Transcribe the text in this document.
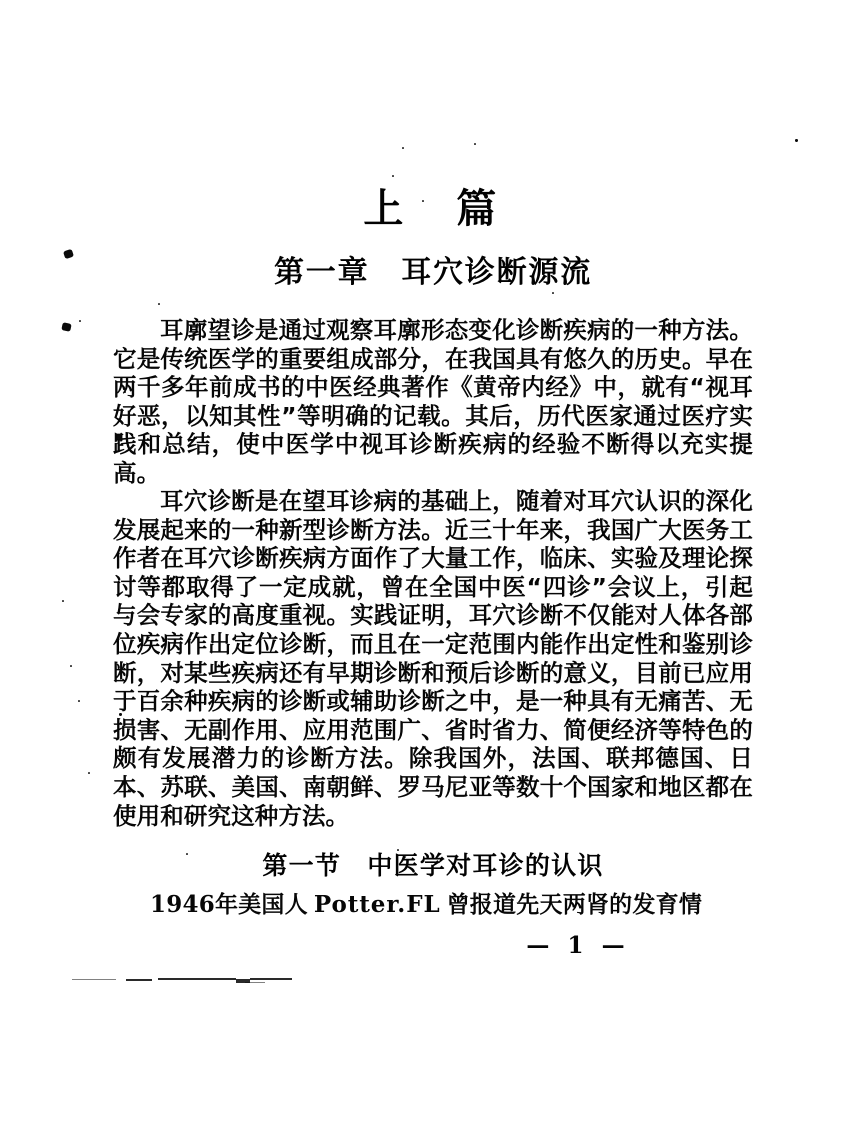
上　篇
第一章　耳穴诊断源流

耳廓望诊是通过观察耳廓形态变化诊断疾病的一种方法。它是传统医学的重要组成部分，在我国具有悠久的历史。早在两千多年前成书的中医经典著作《黄帝内经》中，就有“视耳好恶，以知其性”等明确的记载。其后，历代医家通过医疗实践和总结，使中医学中视耳诊断疾病的经验不断得以充实提高。

耳穴诊断是在望耳诊病的基础上，随着对耳穴认识的深化发展起来的一种新型诊断方法。近三十年来，我国广大医务工作者在耳穴诊断疾病方面作了大量工作，临床、实验及理论探讨等都取得了一定成就，曾在全国中医“四诊”会议上，引起与会专家的高度重视。实践证明，耳穴诊断不仅能对人体各部位疾病作出定位诊断，而且在一定范围内能作出定性和鉴别诊断，对某些疾病还有早期诊断和预后诊断的意义，目前已应用于百余种疾病的诊断或辅助诊断之中，是一种具有无痛苦、无损害、无副作用、应用范围广、省时省力、简便经济等特色的颇有发展潜力的诊断方法。除我国外，法国、联邦德国、日本、苏联、美国、南朝鲜、罗马尼亚等数十个国家和地区都在使用和研究这种方法。

第一节　中医学对耳诊的认识
1946年美国人 Potter.FL 曾报道先天两肾的发育情
— 1 —
